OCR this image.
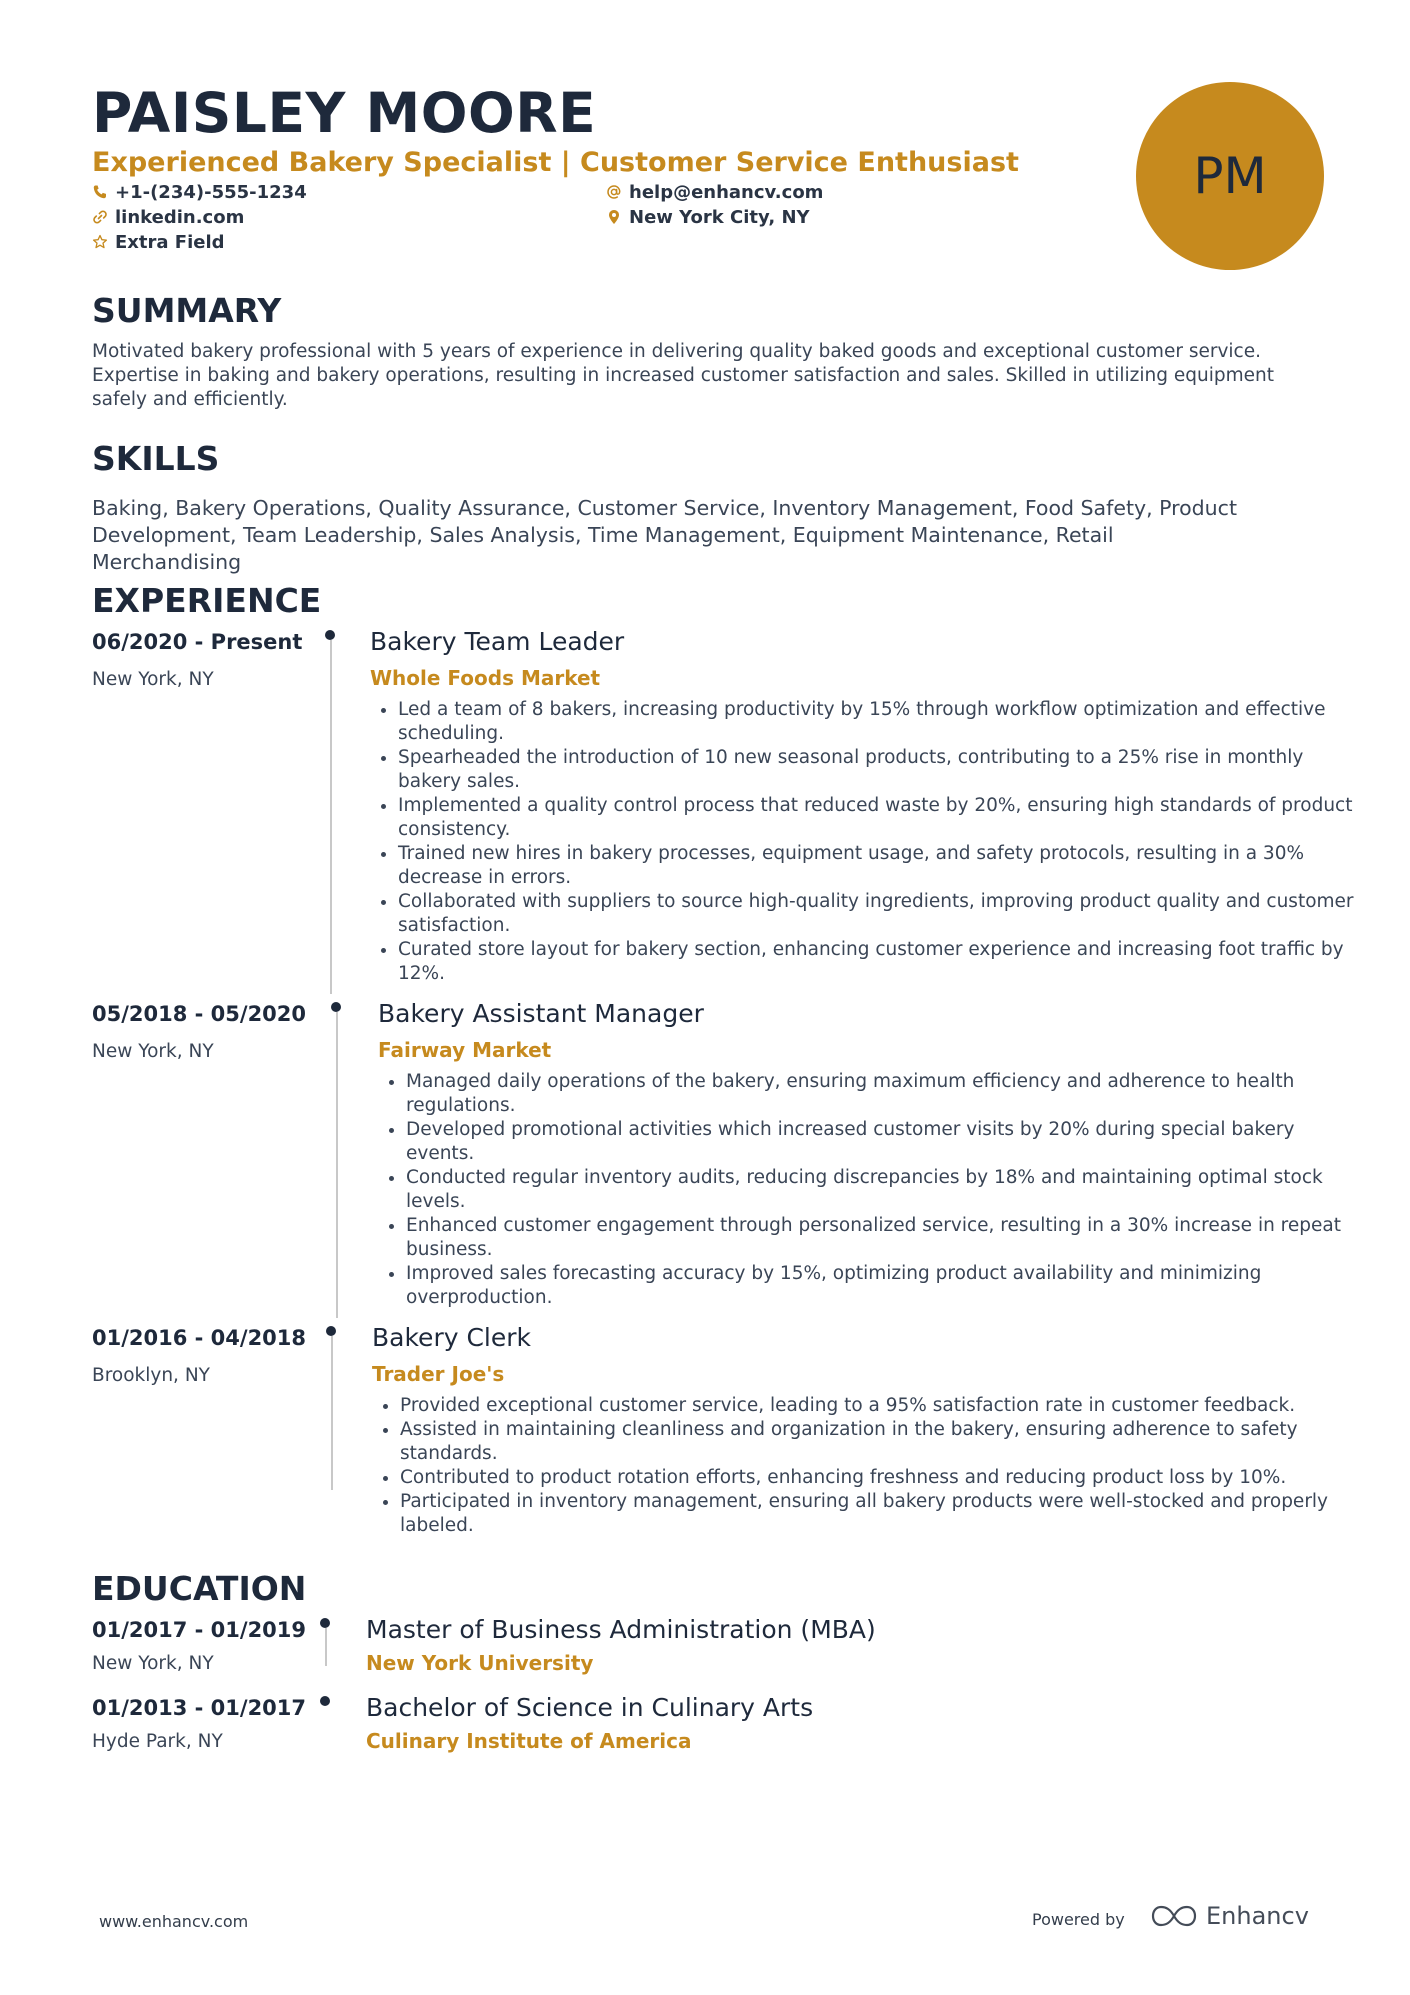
PAISLEY MOORE
Experienced Bakery Specialist | Customer Service Enthusiast
+1-(234)-555-1234
linkedin.com
Extra Field
help@enhancv.com
New York City, NY
PM
SUMMARY
Motivated bakery professional with 5 years of experience in delivering quality baked goods and exceptional customer service. Expertise in baking and bakery operations, resulting in increased customer satisfaction and sales. Skilled in utilizing equipment safely and efficiently.
SKILLS
Baking, Bakery Operations, Quality Assurance, Customer Service, Inventory Management, Food Safety, Product Development, Team Leadership, Sales Analysis, Time Management, Equipment Maintenance, Retail Merchandising
EXPERIENCE
06/2020 - Present
New York, NY
Bakery Team Leader
Whole Foods Market
• Led a team of 8 bakers, increasing productivity by 15% through workflow optimization and effective scheduling.
• Spearheaded the introduction of 10 new seasonal products, contributing to a 25% rise in monthly bakery sales.
• Implemented a quality control process that reduced waste by 20%, ensuring high standards of product consistency.
• Trained new hires in bakery processes, equipment usage, and safety protocols, resulting in a 30% decrease in errors.
• Collaborated with suppliers to source high-quality ingredients, improving product quality and customer satisfaction.
• Curated store layout for bakery section, enhancing customer experience and increasing foot traffic by 12%.
05/2018 - 05/2020
New York, NY
Bakery Assistant Manager
Fairway Market
• Managed daily operations of the bakery, ensuring maximum efficiency and adherence to health regulations.
• Developed promotional activities which increased customer visits by 20% during special bakery events.
• Conducted regular inventory audits, reducing discrepancies by 18% and maintaining optimal stock levels.
• Enhanced customer engagement through personalized service, resulting in a 30% increase in repeat business.
• Improved sales forecasting accuracy by 15%, optimizing product availability and minimizing overproduction.
01/2016 - 04/2018
Brooklyn, NY
Bakery Clerk
Trader Joe's
• Provided exceptional customer service, leading to a 95% satisfaction rate in customer feedback.
• Assisted in maintaining cleanliness and organization in the bakery, ensuring adherence to safety standards.
• Contributed to product rotation efforts, enhancing freshness and reducing product loss by 10%.
• Participated in inventory management, ensuring all bakery products were well-stocked and properly labeled.
EDUCATION
01/2017 - 01/2019
New York, NY
Master of Business Administration (MBA)
New York University
01/2013 - 01/2017
Hyde Park, NY
Bachelor of Science in Culinary Arts
Culinary Institute of America
www.enhancv.com	Powered by	Enhancv
